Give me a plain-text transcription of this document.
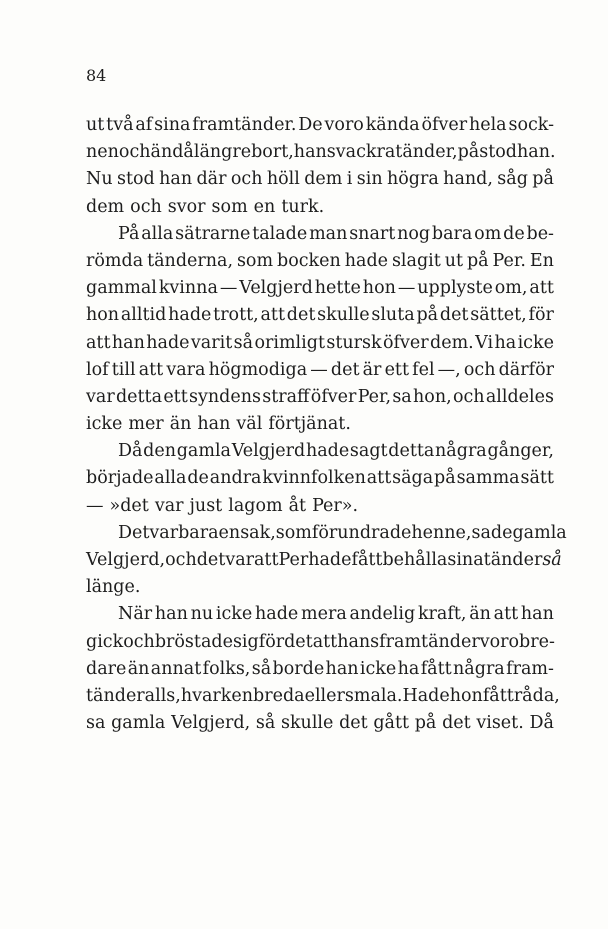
84
ut två af sina framtänder. De voro kända öfver hela sock-
nen och ändå längre bort, hans vackra tänder, påstod han.
Nu stod han där och höll dem i sin högra hand, såg på
dem och svor som en turk.
På alla sätrarne talade man snart nog bara om de be-
römda tänderna, som bocken hade slagit ut på Per. En
gammal kvinna — Velgjerd hette hon — upplyste om, att
hon alltid hade trott, att det skulle sluta på det sättet, för
att han hade varit så orimligt stursk öfver dem. Vi ha icke
lof till att vara högmodiga — det är ett fel —, och därför
var detta ett syndens straff öfver Per, sa hon, och alldeles
icke mer än han väl förtjänat.
Då den gamla Velgjerd hade sagt detta några gånger,
började alla de andra kvinnfolken att säga på samma sätt
— »det var just lagom åt Per».
Det var bara en sak, som förundrade henne, sade gamla
Velgjerd, och det var att Per hade fått behålla sina tänder så
länge.
När han nu icke hade mera andelig kraft, än att han
gick och bröstade sig för det att hans framtänder voro bre-
dare än annat folks, så borde han icke ha fått några fram-
tänder alls, hvarken breda eller smala. Hade hon fått råda,
sa gamla Velgjerd, så skulle det gått på det viset. Då
